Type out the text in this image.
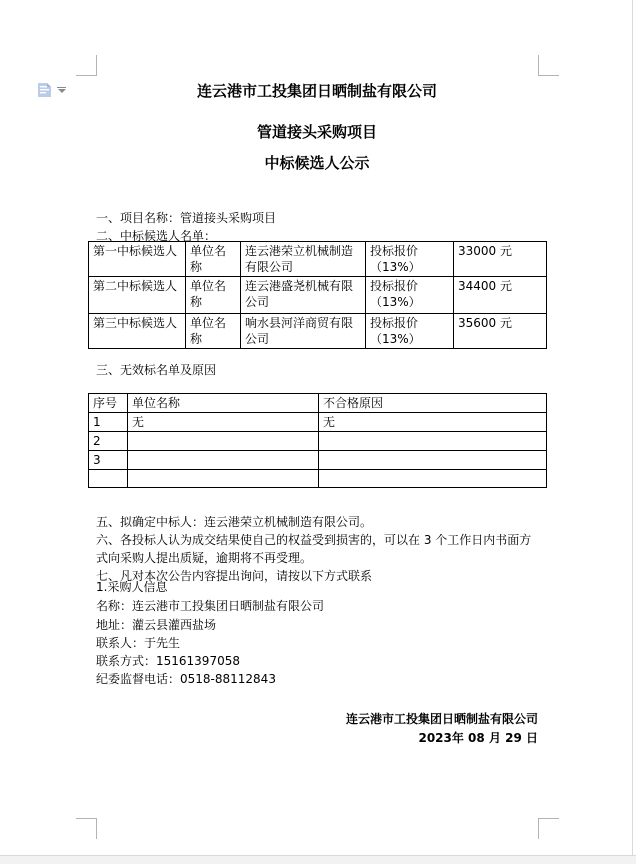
连云港市工投集团日晒制盐有限公司
管道接头采购项目
中标候选人公示
一、项目名称：管道接头采购项目
二、中标候选人名单：
第一中标候选人	单位名称	连云港荣立机械制造有限公司	投标报价（13%）	33000 元
第二中标候选人	单位名称	连云港盛尧机械有限公司	投标报价（13%）	34400 元
第三中标候选人	单位名称	响水县河洋商贸有限公司	投标报价（13%）	35600 元
三、无效标名单及原因
序号	单位名称	不合格原因
1	无	无
2		
3		

五、拟确定中标人：连云港荣立机械制造有限公司。
六、各投标人认为成交结果使自己的权益受到损害的，可以在 3 个工作日内书面方式向采购人提出质疑，逾期将不再受理。
七、凡对本次公告内容提出询问，请按以下方式联系
1.采购人信息
名称：连云港市工投集团日晒制盐有限公司
地址：灌云县灌西盐场
联系人：于先生
联系方式：15161397058
纪委监督电话：0518-88112843
连云港市工投集团日晒制盐有限公司
2023年 08 月 29 日
